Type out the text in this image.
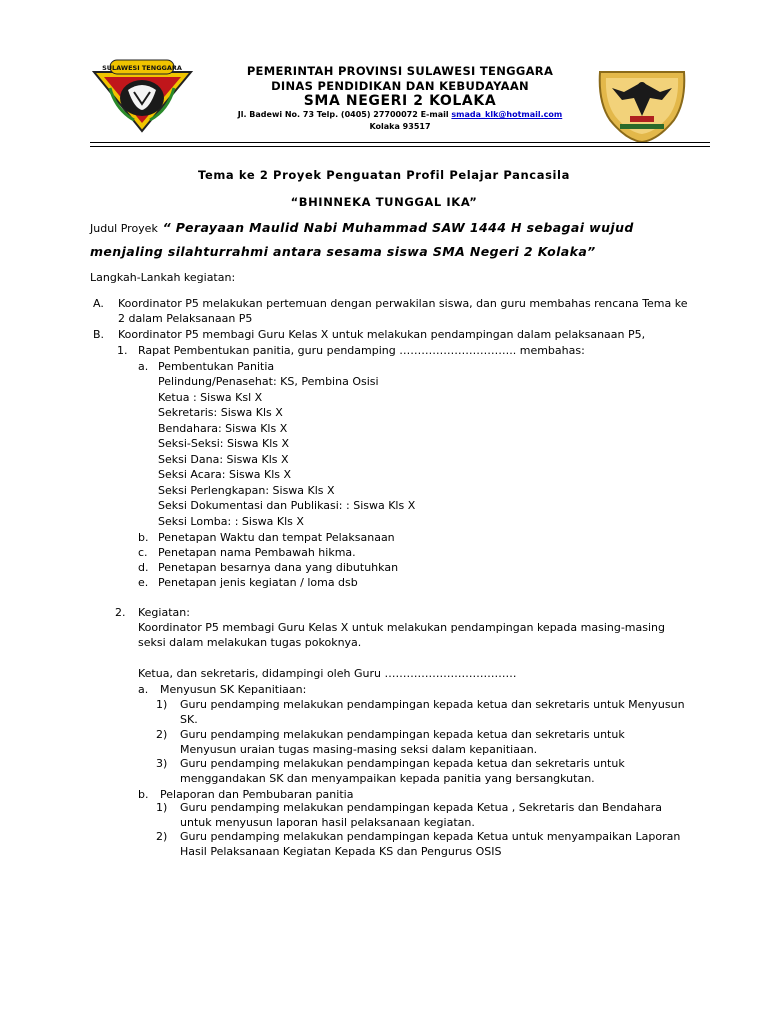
SULAWESI TENGGARA	PEMERINTAH PROVINSI SULAWESI TENGGARA
DINAS PENDIDIKAN DAN KEBUDAYAAN
SMA NEGERI 2 KOLAKA
Jl. Badewi No. 73 Telp. (0405) 27700072 E-mail smada_klk@hotmail.com
Kolaka 93517
Tema ke 2 Proyek Penguatan Profil Pelajar Pancasila
“BHINNEKA TUNGGAL IKA”
Judul Proyek “ Perayaan Maulid Nabi Muhammad SAW 1444 H sebagai wujud
menjaling silahturrahmi antara sesama siswa SMA Negeri 2 Kolaka”
Langkah-Lankah kegiatan:
A. Koordinator P5 melakukan pertemuan dengan perwakilan siswa, dan guru membahas rencana Tema ke
2 dalam Pelaksanaan P5
B. Koordinator P5 membagi Guru Kelas X untuk melakukan pendampingan dalam pelaksanaan P5,
1. Rapat Pembentukan panitia, guru pendamping ………………………….. membahas:
a. Pembentukan Panitia
Pelindung/Penasehat: KS, Pembina Osisi
Ketua : Siswa Ksl X
Sekretaris: Siswa Kls X
Bendahara: Siswa Kls X
Seksi-Seksi: Siswa Kls X
Seksi Dana: Siswa Kls X
Seksi Acara: Siswa Kls X
Seksi Perlengkapan: Siswa Kls X
Seksi Dokumentasi dan Publikasi: : Siswa Kls X
Seksi Lomba: : Siswa Kls X
b. Penetapan Waktu dan tempat Pelaksanaan
c. Penetapan nama Pembawah hikma.
d. Penetapan besarnya dana yang dibutuhkan
e. Penetapan jenis kegiatan / loma dsb
2. Kegiatan:
Koordinator P5 membagi Guru Kelas X untuk melakukan pendampingan kepada masing-masing
seksi dalam melakukan tugas pokoknya.
Ketua, dan sekretaris, didampingi oleh Guru ………………………………
a. Menyusun SK Kepanitiaan:
1) Guru pendamping melakukan pendampingan kepada ketua dan sekretaris untuk Menyusun
SK.
2) Guru pendamping melakukan pendampingan kepada ketua dan sekretaris untuk
Menyusun uraian tugas masing-masing seksi dalam kepanitiaan.
3) Guru pendamping melakukan pendampingan kepada ketua dan sekretaris untuk
menggandakan SK dan menyampaikan kepada panitia yang bersangkutan.
b. Pelaporan dan Pembubaran panitia
1) Guru pendamping melakukan pendampingan kepada Ketua , Sekretaris dan Bendahara
untuk menyusun laporan hasil pelaksanaan kegiatan.
2) Guru pendamping melakukan pendampingan kepada Ketua untuk menyampaikan Laporan
Hasil Pelaksanaan Kegiatan Kepada KS dan Pengurus OSIS
